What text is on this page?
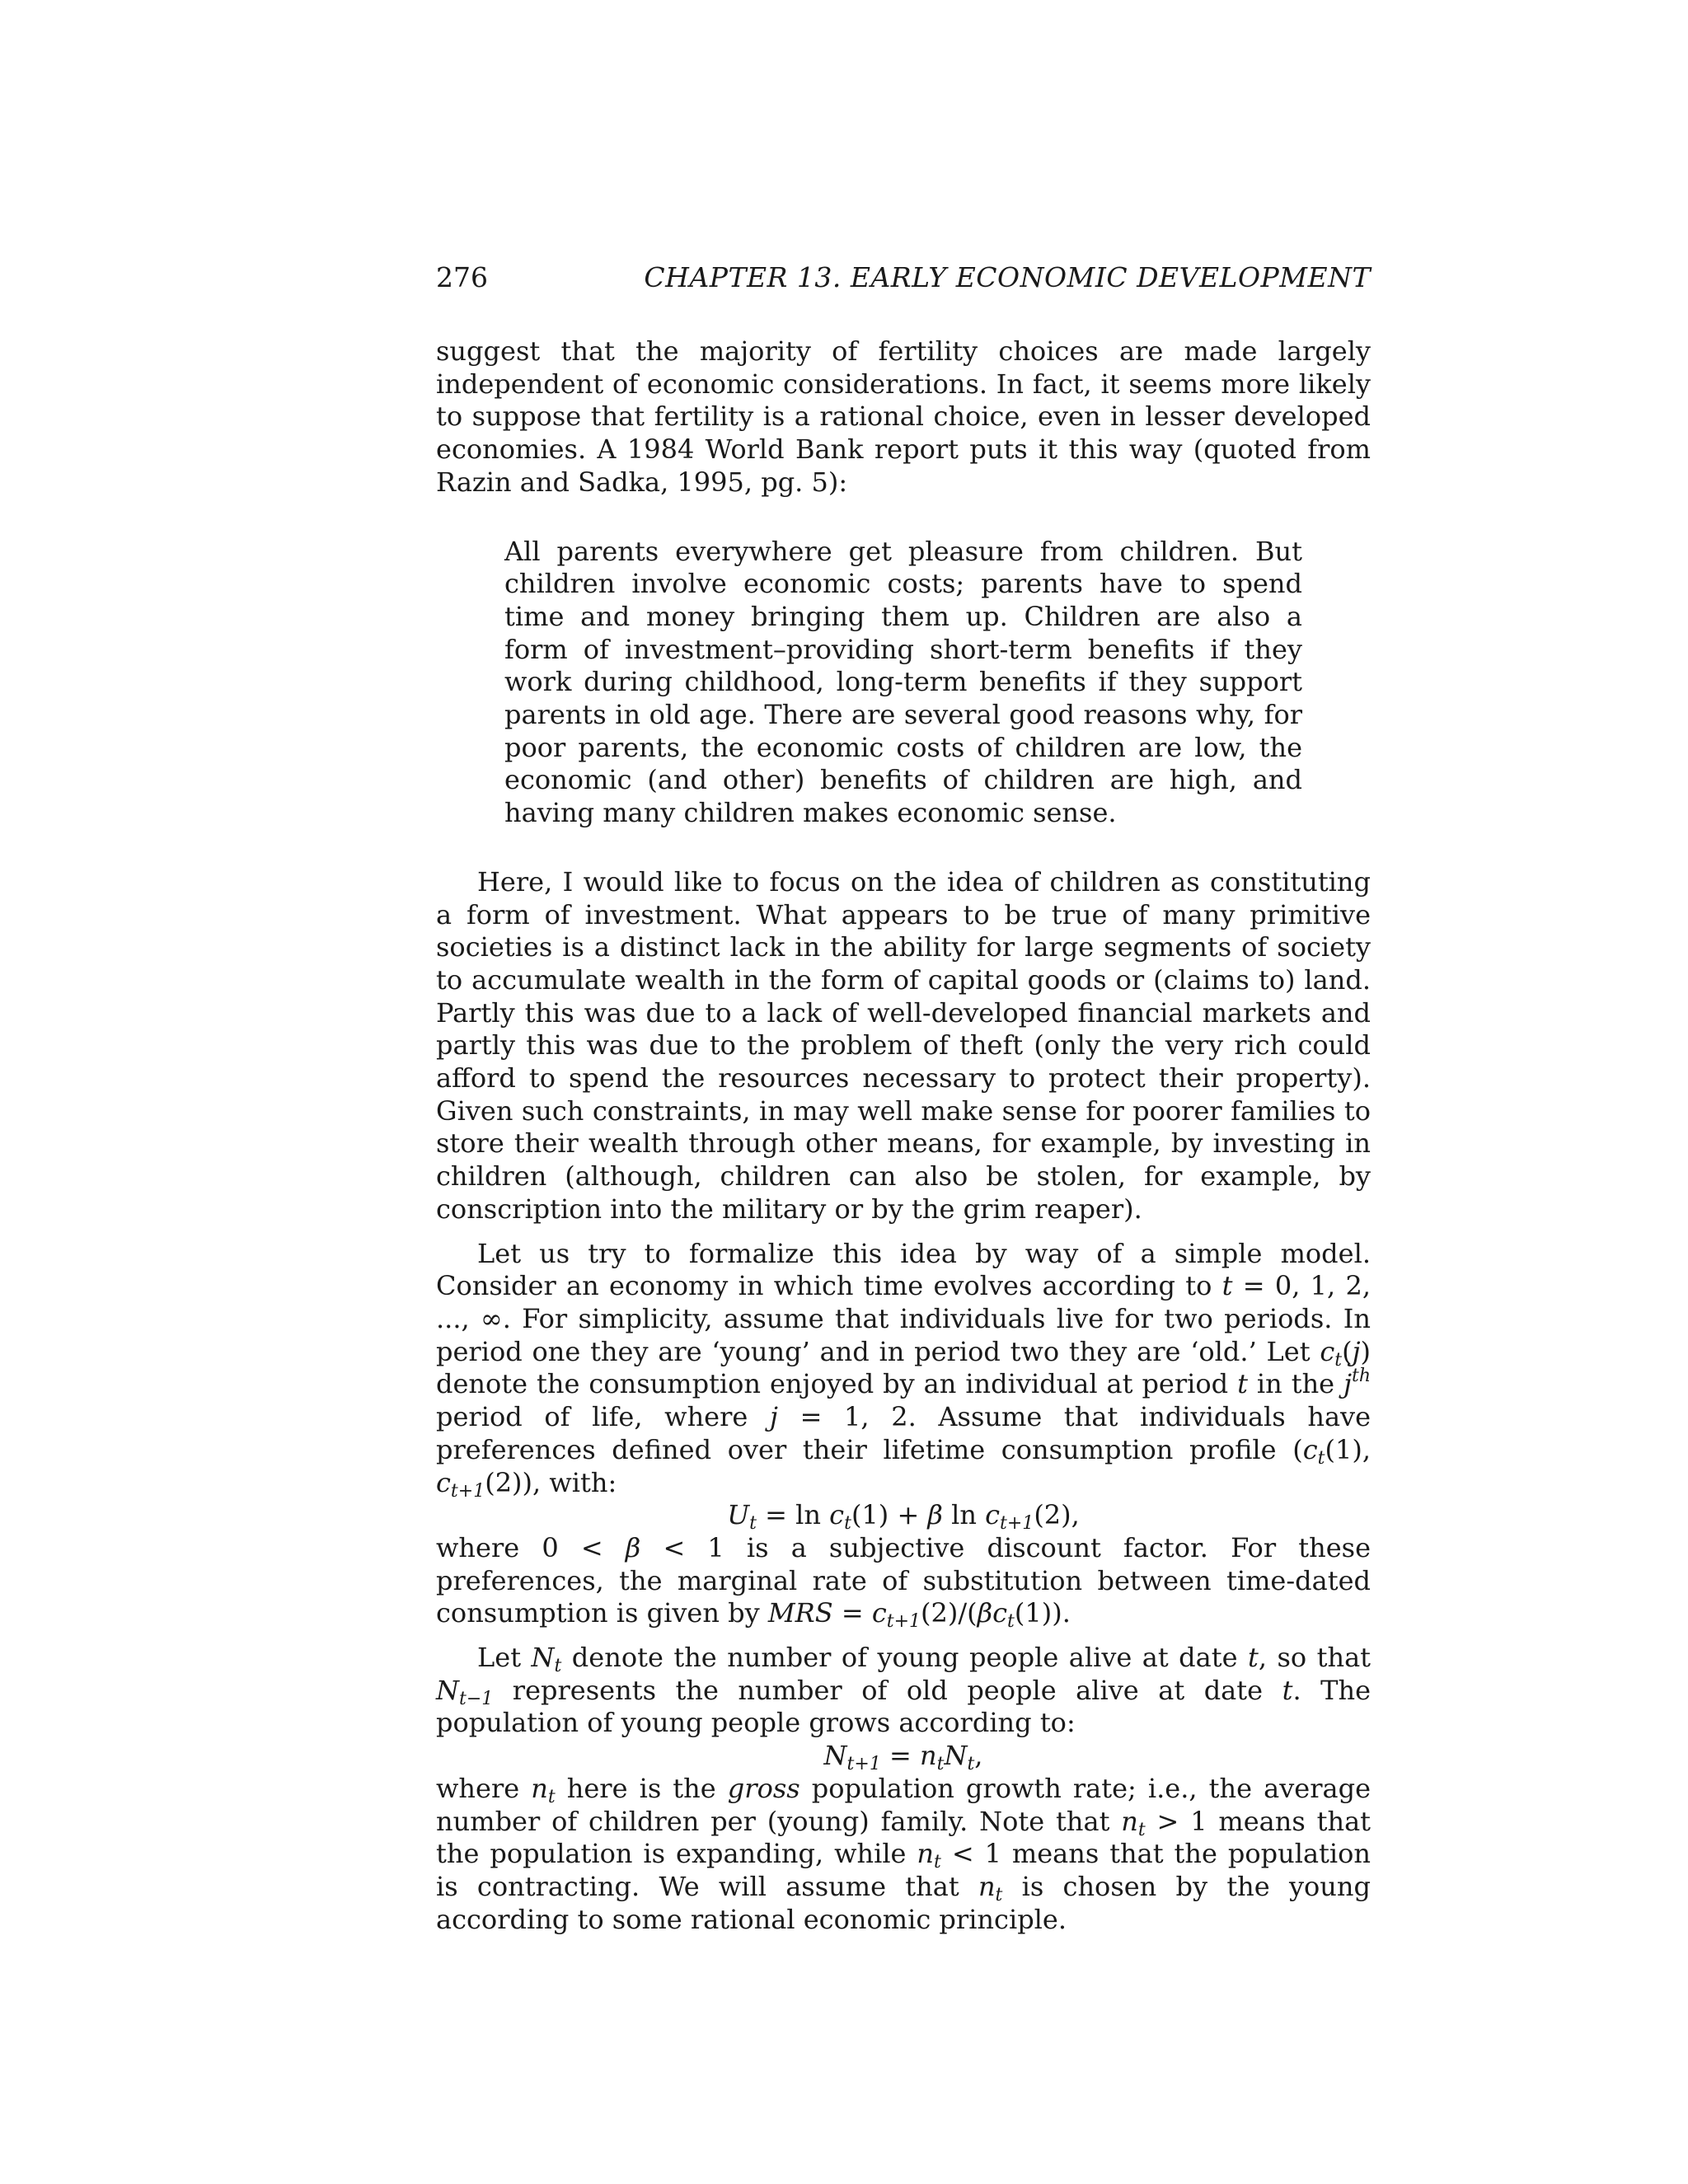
276	CHAPTER 13. EARLY ECONOMIC DEVELOPMENT

suggest that the majority of fertility choices are made largely independent of economic considerations. In fact, it seems more likely to suppose that fertility is a rational choice, even in lesser developed economies. A 1984 World Bank report puts it this way (quoted from Razin and Sadka, 1995, pg. 5):

All parents everywhere get pleasure from children. But children involve economic costs; parents have to spend time and money bringing them up. Children are also a form of investment–providing short-term benefits if they work during childhood, long-term benefits if they support parents in old age. There are several good reasons why, for poor parents, the economic costs of children are low, the economic (and other) benefits of children are high, and having many children makes economic sense.

Here, I would like to focus on the idea of children as constituting a form of investment. What appears to be true of many primitive societies is a distinct lack in the ability for large segments of society to accumulate wealth in the form of capital goods or (claims to) land. Partly this was due to a lack of well-developed financial markets and partly this was due to the problem of theft (only the very rich could afford to spend the resources necessary to protect their property). Given such constraints, in may well make sense for poorer families to store their wealth through other means, for example, by investing in children (although, children can also be stolen, for example, by conscription into the military or by the grim reaper).

Let us try to formalize this idea by way of a simple model. Consider an economy in which time evolves according to t = 0, 1, 2, ..., ∞. For simplicity, assume that individuals live for two periods. In period one they are ‘young’ and in period two they are ‘old.’ Let $c_t(j)$ denote the consumption enjoyed by an individual at period t in the $j^{th}$ period of life, where j = 1, 2. Assume that individuals have preferences defined over their lifetime consumption profile ($c_t(1)$, $c_{t+1}(2)$), with:

$U_t = \ln c_t(1) + \beta$ $\ln c_{t+1}(2)$,

where 0 < β < 1 is a subjective discount factor. For these preferences, the marginal rate of substitution between time-dated consumption is given by MRS = $c_{t+1}(2)/(\beta c_t(1))$.

Let $N_t$ denote the number of young people alive at date t, so that $N_{t-1}$ represents the number of old people alive at date t. The population of young people grows according to:

$N_{t+1} = n_tN_t$,

where $n_t$ here is the gross population growth rate; i.e., the average number of children per (young) family. Note that $n_t > 1$ means that the population is expanding, while $n_t < 1$ means that the population is contracting. We will assume that $n_t$ is chosen by the young according to some rational economic principle.
